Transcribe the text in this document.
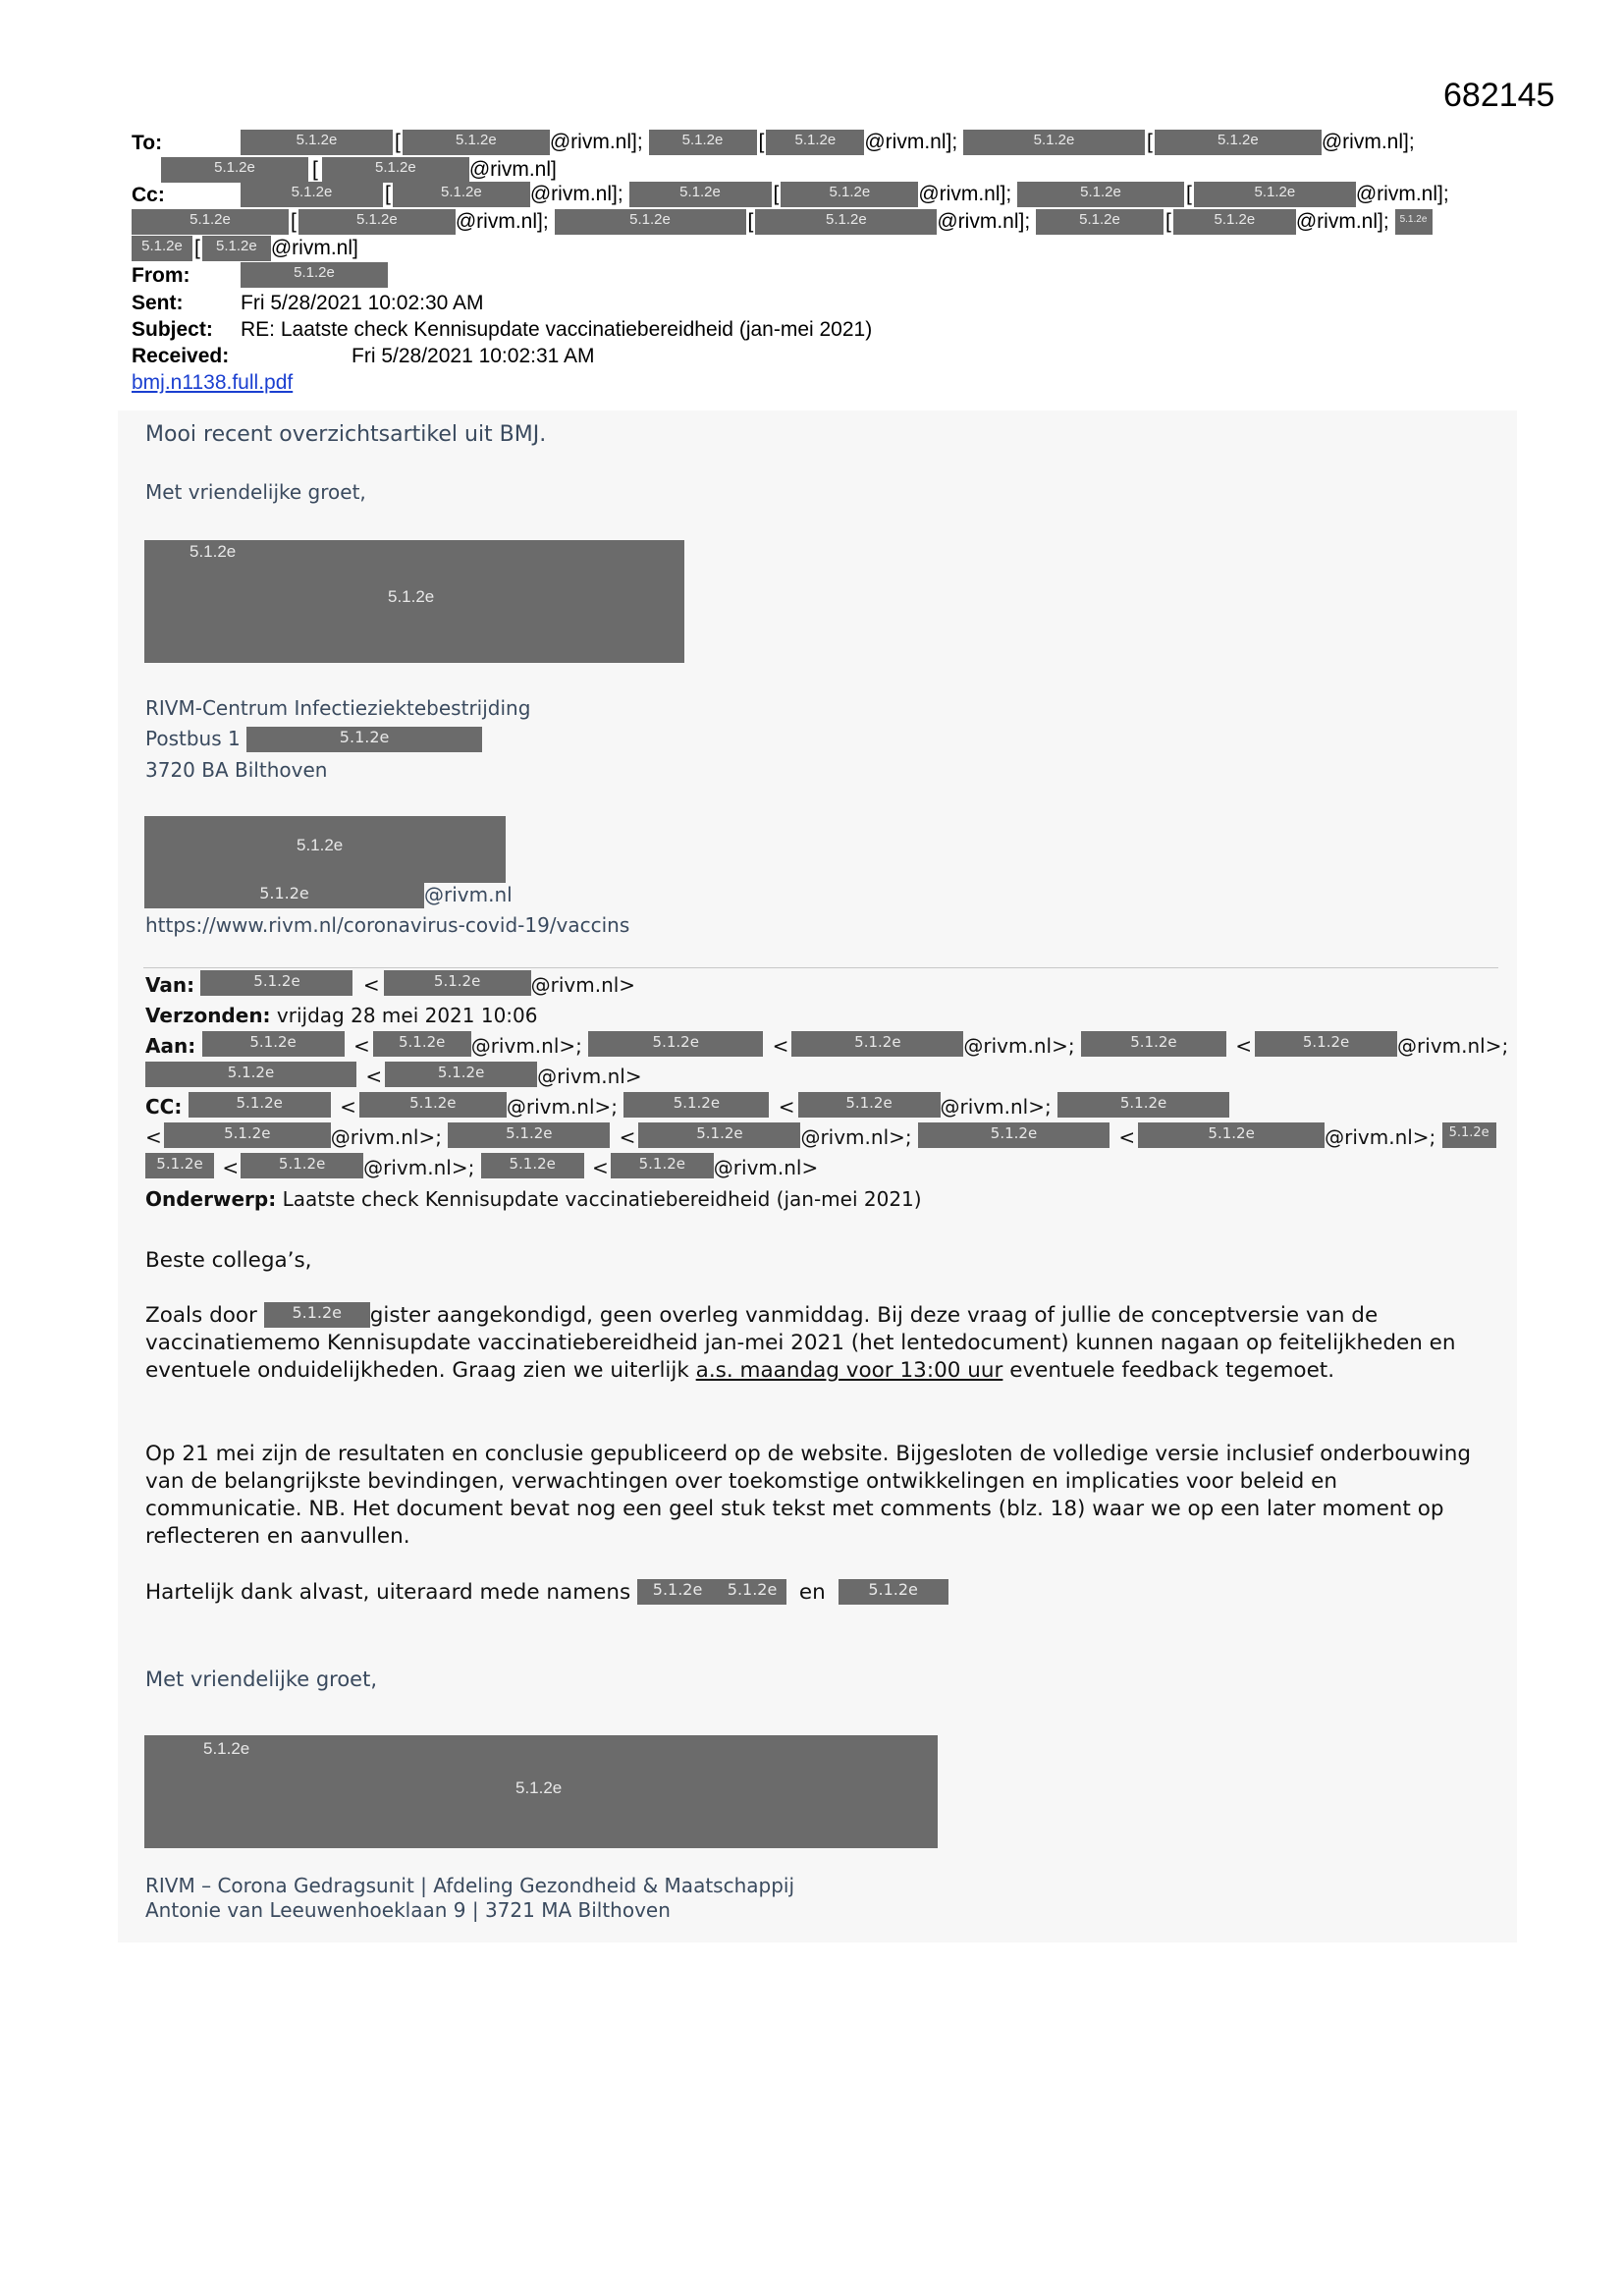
682145
To:	5.1.2e	[	5.1.2e	@rivm.nl]; 5.1.2e [ 5.1.2e @rivm.nl];	5.1.2e	[	5.1.2e	@rivm.nl];
5.1.2e	[	5.1.2e	@rivm.nl]
Cc:	5.1.2e	[	5.1.2e @rivm.nl];	5.1.2e	[	5.1.2e @rivm.nl];	5.1.2e	[	5.1.2e	@rivm.nl];
5.1.2e	[	5.1.2e	@rivm.nl];	5.1.2e	[	5.1.2e	@rivm.nl];	5.1.2e [	5.1.2e @rivm.nl]; 5.1.2e
5.1.2e [ 5.1.2e @rivm.nl]
From:	5.1.2e
Sent:	Fri 5/28/2021 10:02:30 AM
Subject: RE: Laatste check Kennisupdate vaccinatiebereidheid (jan-mei 2021)
Received:	Fri 5/28/2021 10:02:31 AM
bmj.n1138.full.pdf
Mooi recent overzichtsartikel uit BMJ.
Met vriendelijke groet,
5.1.2e
5.1.2e
RIVM-Centrum Infectieziektebestrijding
Postbus 1	5.1.2e
3720 BA Bilthoven
5.1.2e
5.1.2e	@rivm.nl
https://www.rivm.nl/coronavirus-covid-19/vaccins
Van:	5.1.2e	<	5.1.2e	@rivm.nl>
Verzonden: vrijdag 28 mei 2021 10:06
Aan:	5.1.2e	< 5.1.2e @rivm.nl>;	5.1.2e	<	5.1.2e	@rivm.nl>;	5.1.2e	<	5.1.2e @rivm.nl>;
5.1.2e	<	5.1.2e	@rivm.nl>
CC:	5.1.2e	<	5.1.2e	@rivm.nl>;	5.1.2e	<	5.1.2e @rivm.nl>;	5.1.2e
<	5.1.2e	@rivm.nl>;	5.1.2e	<	5.1.2e	@rivm.nl>;	5.1.2e	<	5.1.2e	@rivm.nl>; 5.1.2e
5.1.2e <	5.1.2e @rivm.nl>; 5.1.2e < 5.1.2e @rivm.nl>
Onderwerp: Laatste check Kennisupdate vaccinatiebereidheid (jan-mei 2021)
Beste collega’s,
Zoals door 5.1.2e gister aangekondigd, geen overleg vanmiddag. Bij deze vraag of jullie de conceptversie van de vaccinatiememo Kennisupdate vaccinatiebereidheid jan-mei 2021 (het lentedocument) kunnen nagaan op feitelijkheden en eventuele onduidelijkheden. Graag zien we uiterlijk a.s. maandag voor 13:00 uur eventuele feedback tegemoet.
Op 21 mei zijn de resultaten en conclusie gepubliceerd op de website. Bijgesloten de volledige versie inclusief onderbouwing van de belangrijkste bevindingen, verwachtingen over toekomstige ontwikkelingen en implicaties voor beleid en communicatie. NB. Het document bevat nog een geel stuk tekst met comments (blz. 18) waar we op een later moment op reflecteren en aanvullen.
Hartelijk dank alvast, uiteraard mede namens 5.1.2e 5.1.2e en	5.1.2e
Met vriendelijke groet,
5.1.2e
5.1.2e
RIVM – Corona Gedragsunit | Afdeling Gezondheid & Maatschappij
Antonie van Leeuwenhoeklaan 9 | 3721 MA Bilthoven
